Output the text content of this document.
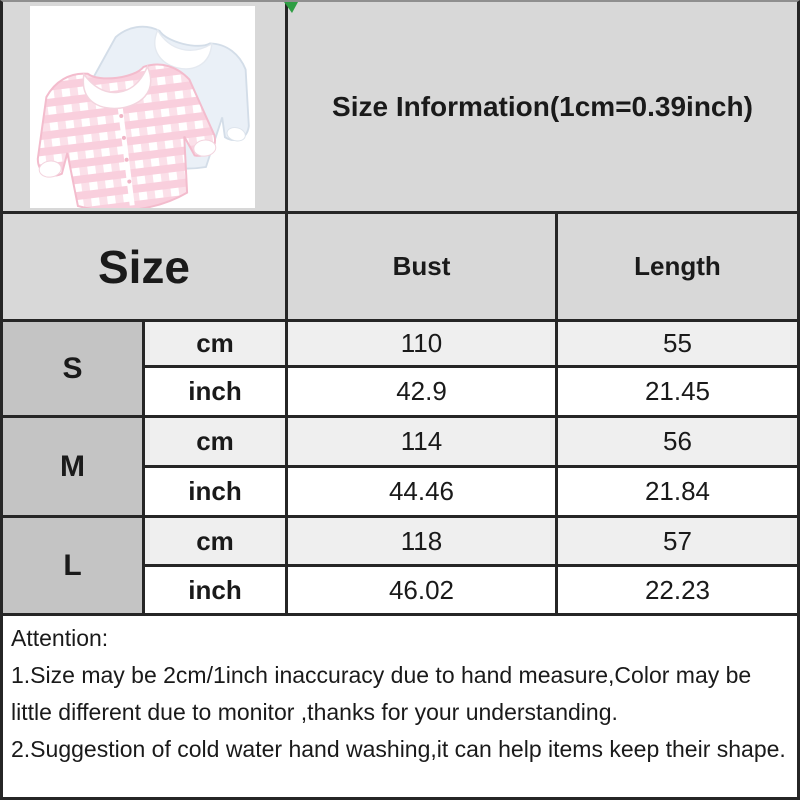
Size Information(1cm=0.39inch)
Size	Bust	Length
S
cm	110	55
inch	42.9	21.45
M
cm	114	56
inch	44.46	21.84
L
cm	118	57
inch	46.02	22.23
Attention:
1.Size may be 2cm/1inch inaccuracy due to hand measure,Color may be
little different due to monitor ,thanks for your understanding.
2.Suggestion of cold water hand washing,it can help items keep their shape.
